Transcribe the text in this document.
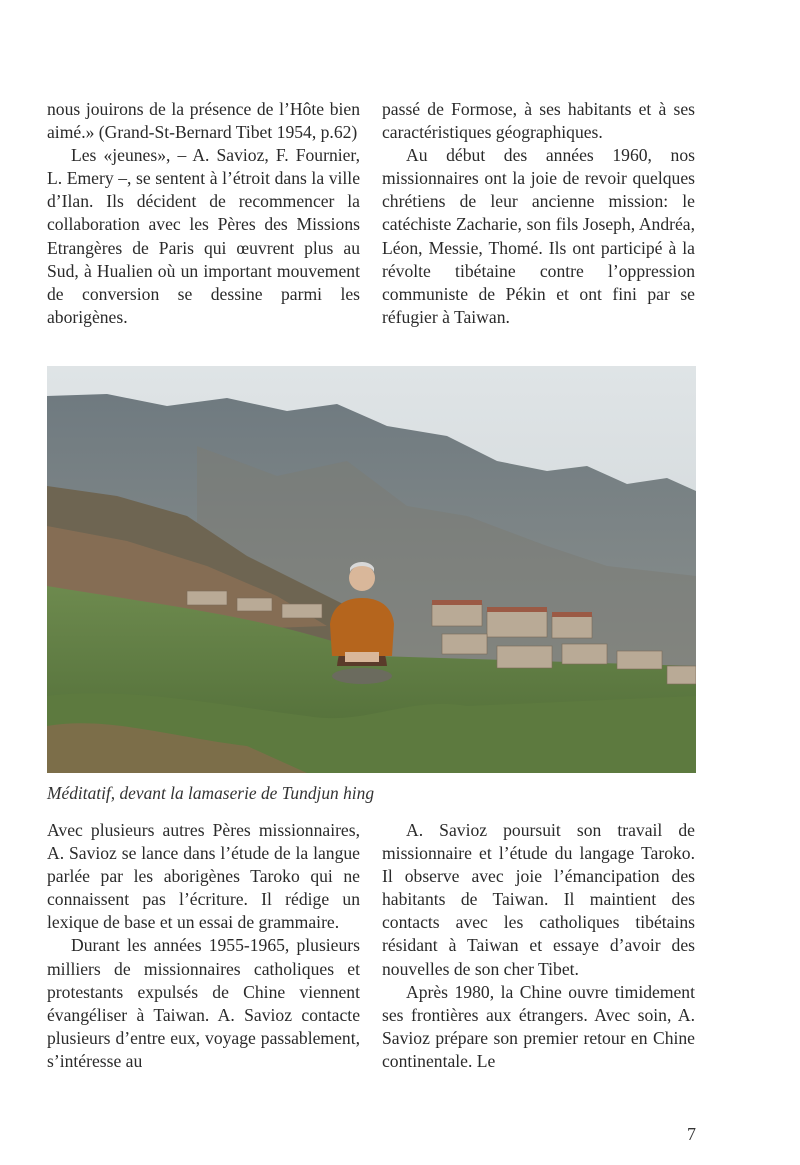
nous jouirons de la présence de l’Hôte bien aimé.» (Grand-St-Bernard Tibet 1954, p.62)

Les «jeunes», – A. Savioz, F. Fournier, L. Emery –, se sentent à l’étroit dans la ville d’Ilan. Ils décident de recommencer la collaboration avec les Pères des Missions Etrangères de Paris qui œuvrent plus au Sud, à Hualien où un important mouvement de conversion se dessine parmi les aborigènes.

passé de Formose, à ses habitants et à ses caractéristiques géographiques.

Au début des années 1960, nos missionnaires ont la joie de revoir quelques chrétiens de leur ancienne mission: le catéchiste Zacharie, son fils Joseph, Andréa, Léon, Messie, Thomé. Ils ont participé à la révolte tibétaine contre l’oppression communiste de Pékin et ont fini par se réfugier à Taiwan.

Méditatif, devant la lamaserie de Tundjun hing

Avec plusieurs autres Pères missionnaires, A. Savioz se lance dans l’étude de la langue parlée par les aborigènes Taroko qui ne connaissent pas l’écriture. Il rédige un lexique de base et un essai de grammaire.

Durant les années 1955-1965, plusieurs milliers de missionnaires catholiques et protestants expulsés de Chine viennent évangéliser à Taiwan. A. Savioz contacte plusieurs d’entre eux, voyage passablement, s’intéresse au

A. Savioz poursuit son travail de missionnaire et l’étude du langage Taroko. Il observe avec joie l’émancipation des habitants de Taiwan. Il maintient des contacts avec les catholiques tibétains résidant à Taiwan et essaye d’avoir des nouvelles de son cher Tibet.

Après 1980, la Chine ouvre timidement ses frontières aux étrangers. Avec soin, A. Savioz prépare son premier retour en Chine continentale. Le

7
